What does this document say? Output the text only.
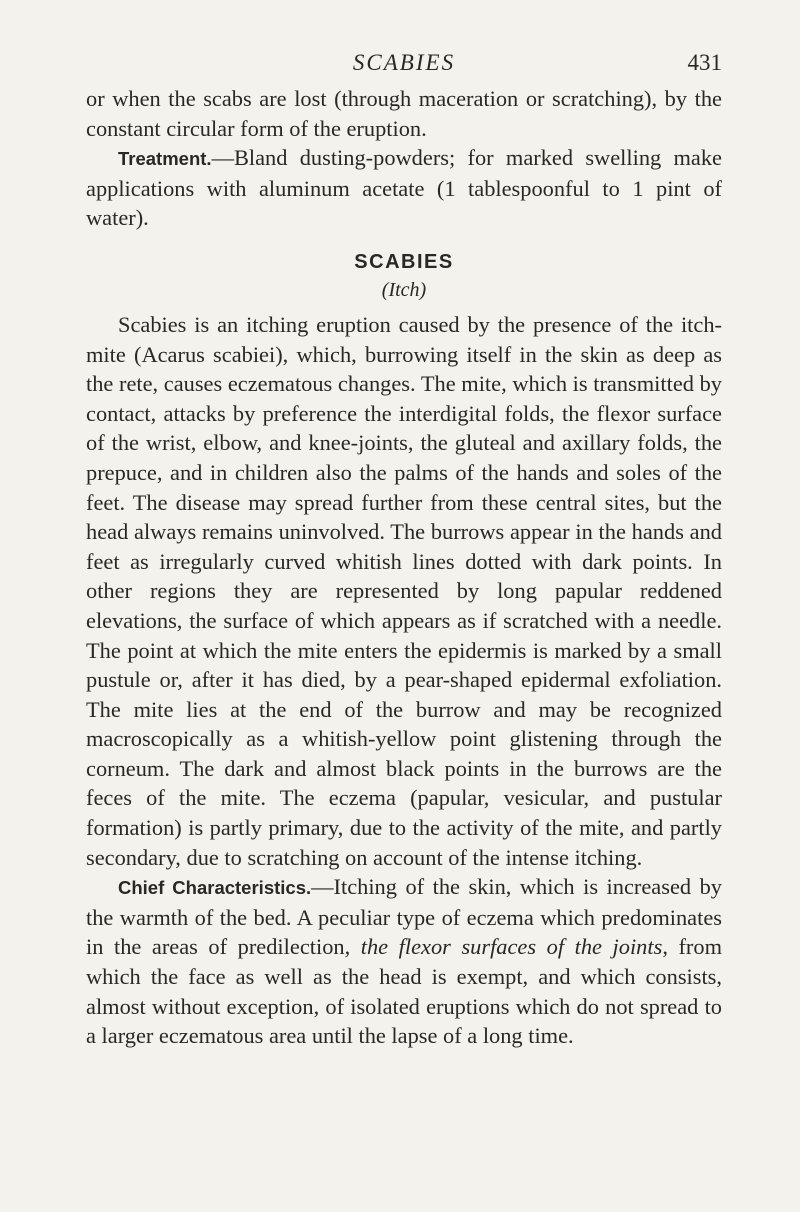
SCABIES	431

or when the scabs are lost (through maceration or scratching), by the constant circular form of the eruption.

Treatment.—Bland dusting-powders; for marked swelling make applications with aluminum acetate (1 tablespoonful to 1 pint of water).

SCABIES
(Itch)

Scabies is an itching eruption caused by the presence of the itch-mite (Acarus scabiei), which, burrowing itself in the skin as deep as the rete, causes eczematous changes. The mite, which is transmitted by contact, attacks by preference the interdigital folds, the flexor surface of the wrist, elbow, and knee-joints, the gluteal and axillary folds, the prepuce, and in children also the palms of the hands and soles of the feet. The disease may spread further from these central sites, but the head always remains uninvolved. The burrows appear in the hands and feet as irregularly curved whitish lines dotted with dark points. In other regions they are represented by long papular reddened elevations, the surface of which appears as if scratched with a needle. The point at which the mite enters the epidermis is marked by a small pustule or, after it has died, by a pear-shaped epidermal exfoliation. The mite lies at the end of the burrow and may be recognized macroscopically as a whitish-yellow point glistening through the corneum. The dark and almost black points in the burrows are the feces of the mite. The eczema (papular, vesicular, and pustular formation) is partly primary, due to the activity of the mite, and partly secondary, due to scratching on account of the intense itching.

Chief Characteristics.—Itching of the skin, which is increased by the warmth of the bed. A peculiar type of eczema which predominates in the areas of predilection, the flexor surfaces of the joints, from which the face as well as the head is exempt, and which consists, almost without exception, of isolated eruptions which do not spread to a larger eczematous area until the lapse of a long time.
